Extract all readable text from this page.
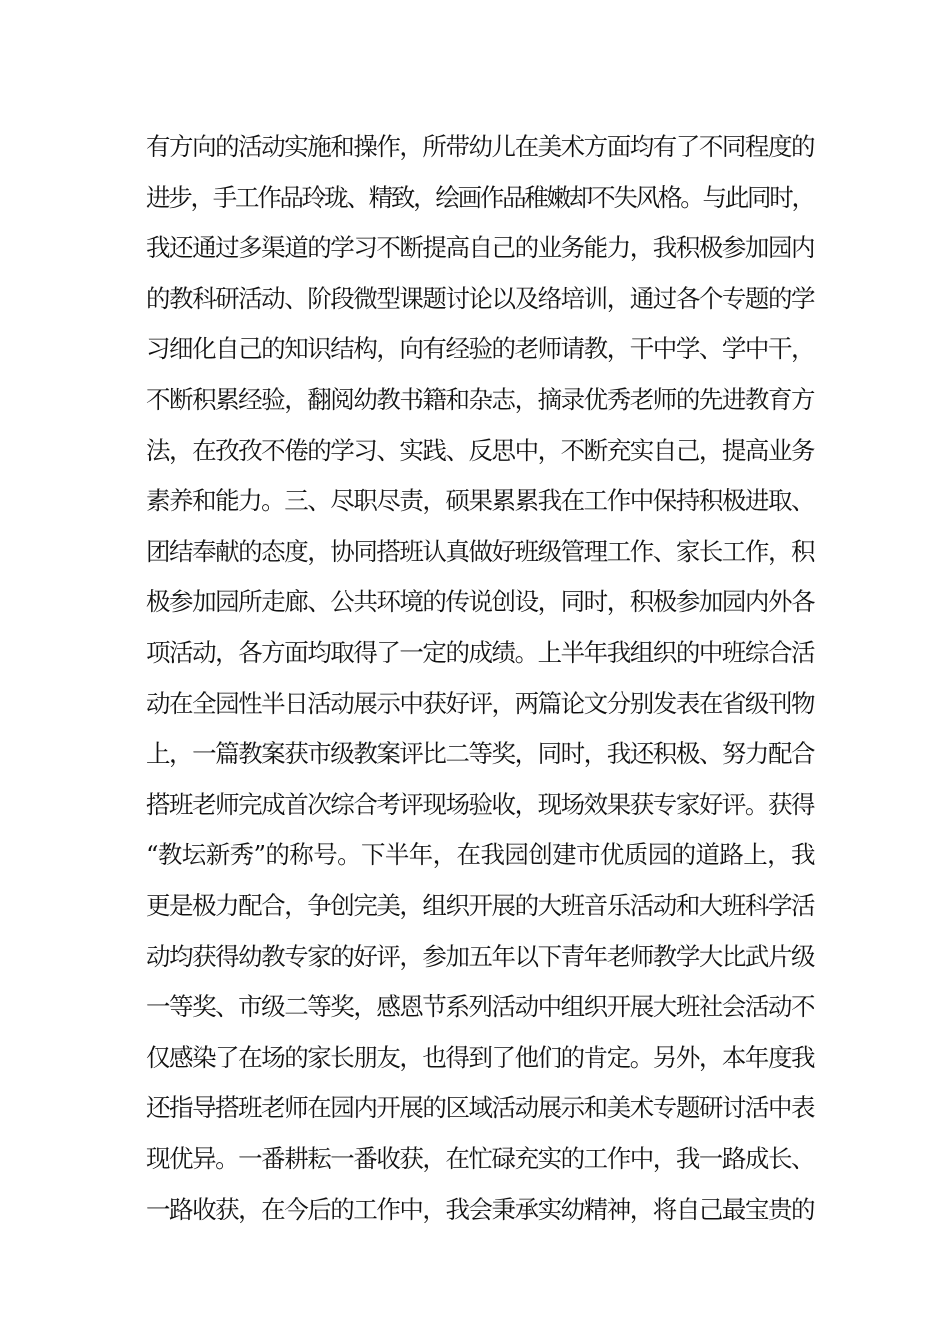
有方向的活动实施和操作，所带幼儿在美术方面均有了不同程度的
进步，手工作品玲珑、精致，绘画作品稚嫩却不失风格。与此同时，
我还通过多渠道的学习不断提高自己的业务能力，我积极参加园内
的教科研活动、阶段微型课题讨论以及络培训，通过各个专题的学
习细化自己的知识结构，向有经验的老师请教，干中学、学中干，
不断积累经验，翻阅幼教书籍和杂志，摘录优秀老师的先进教育方
法，在孜孜不倦的学习、实践、反思中，不断充实自己，提高业务
素养和能力。三、尽职尽责，硕果累累我在工作中保持积极进取、
团结奉献的态度，协同搭班认真做好班级管理工作、家长工作，积
极参加园所走廊、公共环境的传说创设，同时，积极参加园内外各
项活动，各方面均取得了一定的成绩。上半年我组织的中班综合活
动在全园性半日活动展示中获好评，两篇论文分别发表在省级刊物
上，一篇教案获市级教案评比二等奖，同时，我还积极、努力配合
搭班老师完成首次综合考评现场验收，现场效果获专家好评。获得
“教坛新秀”的称号。下半年，在我园创建市优质园的道路上，我
更是极力配合，争创完美，组织开展的大班音乐活动和大班科学活
动均获得幼教专家的好评，参加五年以下青年老师教学大比武片级
一等奖、市级二等奖，感恩节系列活动中组织开展大班社会活动不
仅感染了在场的家长朋友，也得到了他们的肯定。另外，本年度我
还指导搭班老师在园内开展的区域活动展示和美术专题研讨活中表
现优异。一番耕耘一番收获，在忙碌充实的工作中，我一路成长、
一路收获，在今后的工作中，我会秉承实幼精神，将自己最宝贵的
